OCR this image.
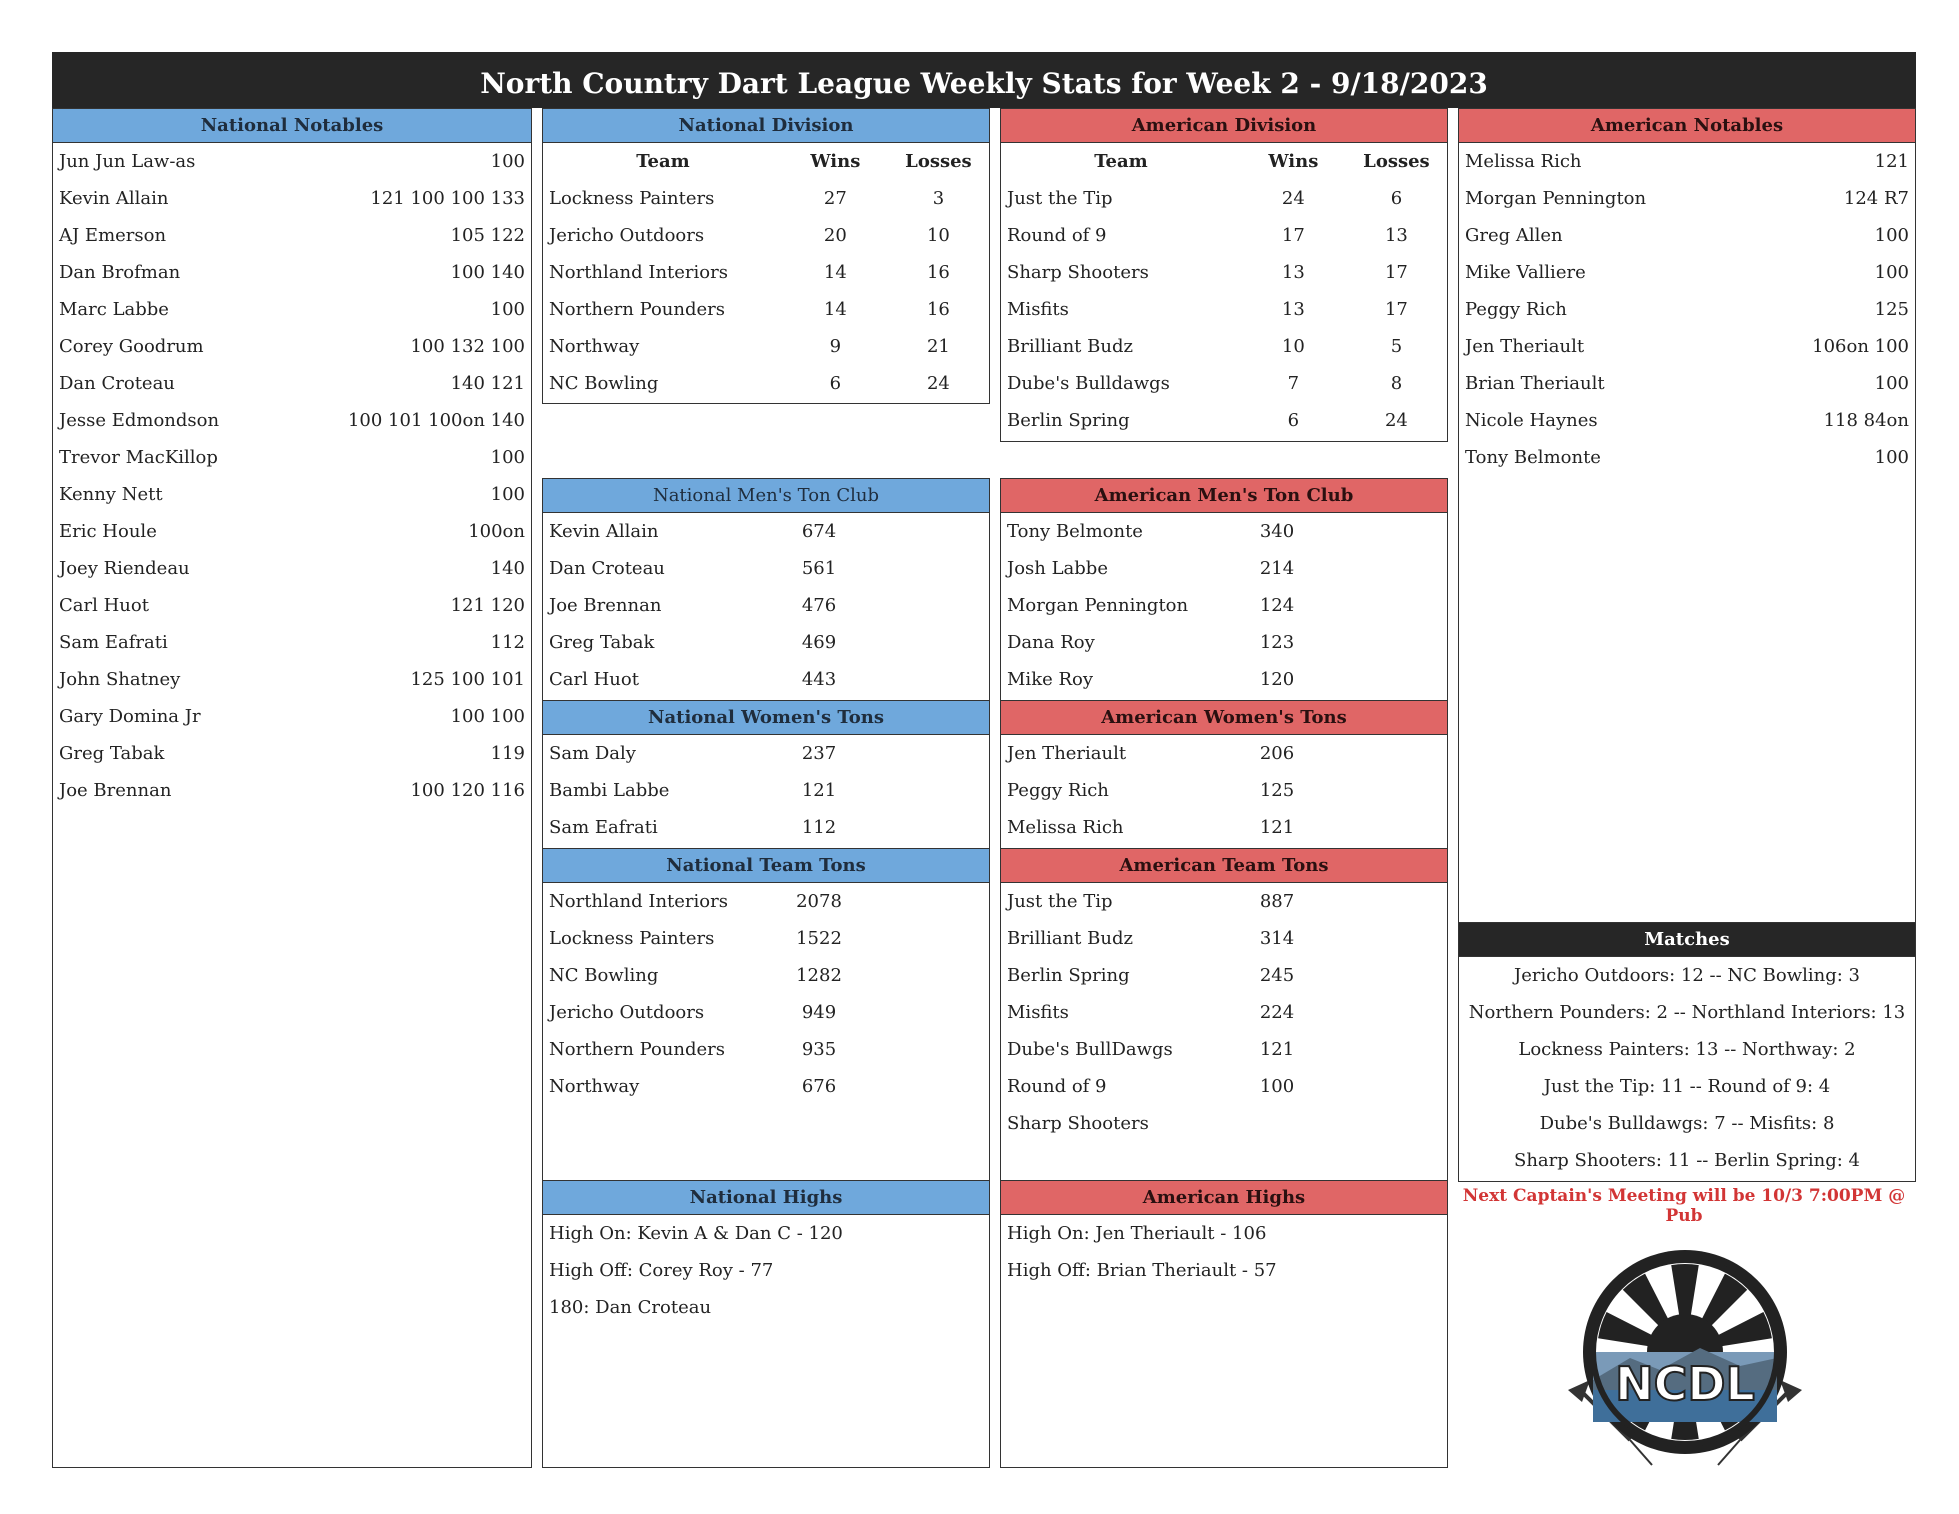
North Country Dart League Weekly Stats for Week 2 - 9/18/2023
National Notables
Jun Jun Law-as	100
Kevin Allain	121 100 100 133
AJ Emerson	105 122
Dan Brofman	100 140
Marc Labbe	100
Corey Goodrum	100 132 100
Dan Croteau	140 121
Jesse Edmondson	100 101 100on 140
Trevor MacKillop	100
Kenny Nett	100
Eric Houle	100on
Joey Riendeau	140
Carl Huot	121 120
Sam Eafrati	112
John Shatney	125 100 101
Gary Domina Jr	100 100
Greg Tabak	119
Joe Brennan	100 120 116
National Division
Team	Wins	Losses
Lockness Painters	27	3
Jericho Outdoors	20	10
Northland Interiors	14	16
Northern Pounders	14	16
Northway	9	21
NC Bowling	6	24
American Division
Team	Wins	Losses
Just the Tip	24	6
Round of 9	17	13
Sharp Shooters	13	17
Misfits	13	17
Brilliant Budz	10	5
Dube's Bulldawgs	7	8
Berlin Spring	6	24
American Notables
Melissa Rich	121
Morgan Pennington	124 R7
Greg Allen	100
Mike Valliere	100
Peggy Rich	125
Jen Theriault	106on 100
Brian Theriault	100
Nicole Haynes	118 84on
Tony Belmonte	100
National Men's Ton Club
Kevin Allain	674
Dan Croteau	561
Joe Brennan	476
Greg Tabak	469
Carl Huot	443
American Men's Ton Club
Tony Belmonte	340
Josh Labbe	214
Morgan Pennington	124
Dana Roy	123
Mike Roy	120
National Women's Tons
Sam Daly	237
Bambi Labbe	121
Sam Eafrati	112
American Women's Tons
Jen Theriault	206
Peggy Rich	125
Melissa Rich	121
National Team Tons
Northland Interiors	2078
Lockness Painters	1522
NC Bowling	1282
Jericho Outdoors	949
Northern Pounders	935
Northway	676
American Team Tons
Just the Tip	887
Brilliant Budz	314
Berlin Spring	245
Misfits	224
Dube's BullDawgs	121
Round of 9	100
Sharp Shooters
Matches
Jericho Outdoors: 12 -- NC Bowling: 3
Northern Pounders: 2 -- Northland Interiors: 13
Lockness Painters: 13 -- Northway: 2
Just the Tip: 11 -- Round of 9: 4
Dube's Bulldawgs: 7 -- Misfits: 8
Sharp Shooters: 11 -- Berlin Spring: 4
National Highs
High On: Kevin A & Dan C - 120
High Off: Corey Roy - 77
180: Dan Croteau
American Highs
High On: Jen Theriault - 106
High Off: Brian Theriault - 57
Next Captain's Meeting will be 10/3 7:00PM @ Pub
NCDL
